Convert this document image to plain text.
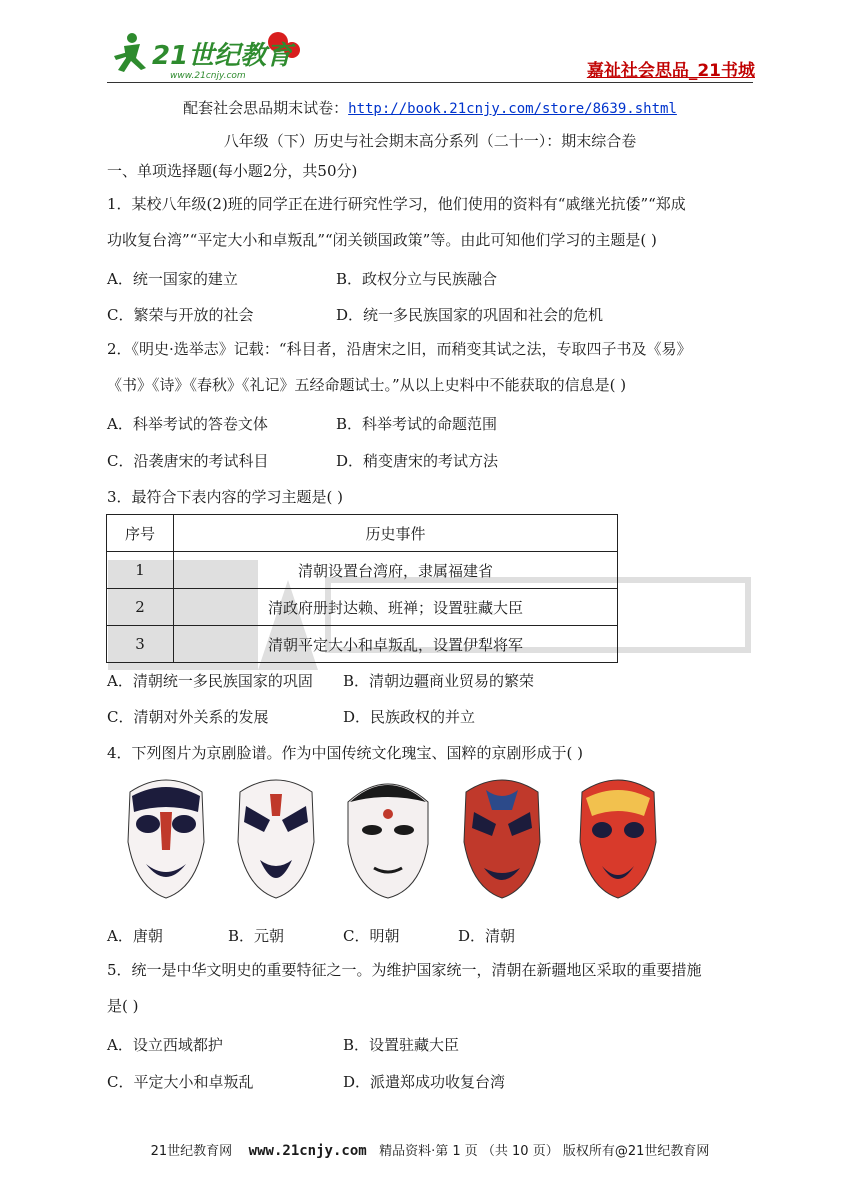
21世纪教育
www.21cnjy.com	嘉祉社会思品_21书城
配套社会思品期末试卷：http://book.21cnjy.com/store/8639.shtml
八年级（下）历史与社会期末高分系列（二十一）：期末综合卷
一、单项选择题(每小题2分，共50分)
1．某校八年级(2)班的同学正在进行研究性学习，他们使用的资料有“戚继光抗倭”“郑成
功收复台湾”“平定大小和卓叛乱”“闭关锁国政策”等。由此可知他们学习的主题是( )
A．统一国家的建立	B．政权分立与民族融合
C．繁荣与开放的社会	D．统一多民族国家的巩固和社会的危机
2．《明史·选举志》记载：“科目者，沿唐宋之旧，而稍变其试之法，专取四子书及《易》
《书》《诗》《春秋》《礼记》五经命题试士。”从以上史料中不能获取的信息是( )
A．科举考试的答卷文体	B．科举考试的命题范围
C．沿袭唐宋的考试科目	D．稍变唐宋的考试方法
3．最符合下表内容的学习主题是( )
序号	历史事件
1	清朝设置台湾府，隶属福建省
2	清政府册封达赖、班禅；设置驻藏大臣
3	清朝平定大小和卓叛乱，设置伊犁将军
A．清朝统一多民族国家的巩固 B．清朝边疆商业贸易的繁荣
C．清朝对外关系的发展	D．民族政权的并立
4．下列图片为京剧脸谱。作为中国传统文化瑰宝、国粹的京剧形成于( )
A．唐朝	B．元朝	C．明朝	D．清朝
5．统一是中华文明史的重要特征之一。为维护国家统一，清朝在新疆地区采取的重要措施
是( )
A．设立西域都护	B．设置驻藏大臣
C．平定大小和卓叛乱	D．派遣郑成功收复台湾
21世纪教育网 www.21cnjy.com 精品资料·第 1 页 （共 10 页） 版权所有@21世纪教育网
